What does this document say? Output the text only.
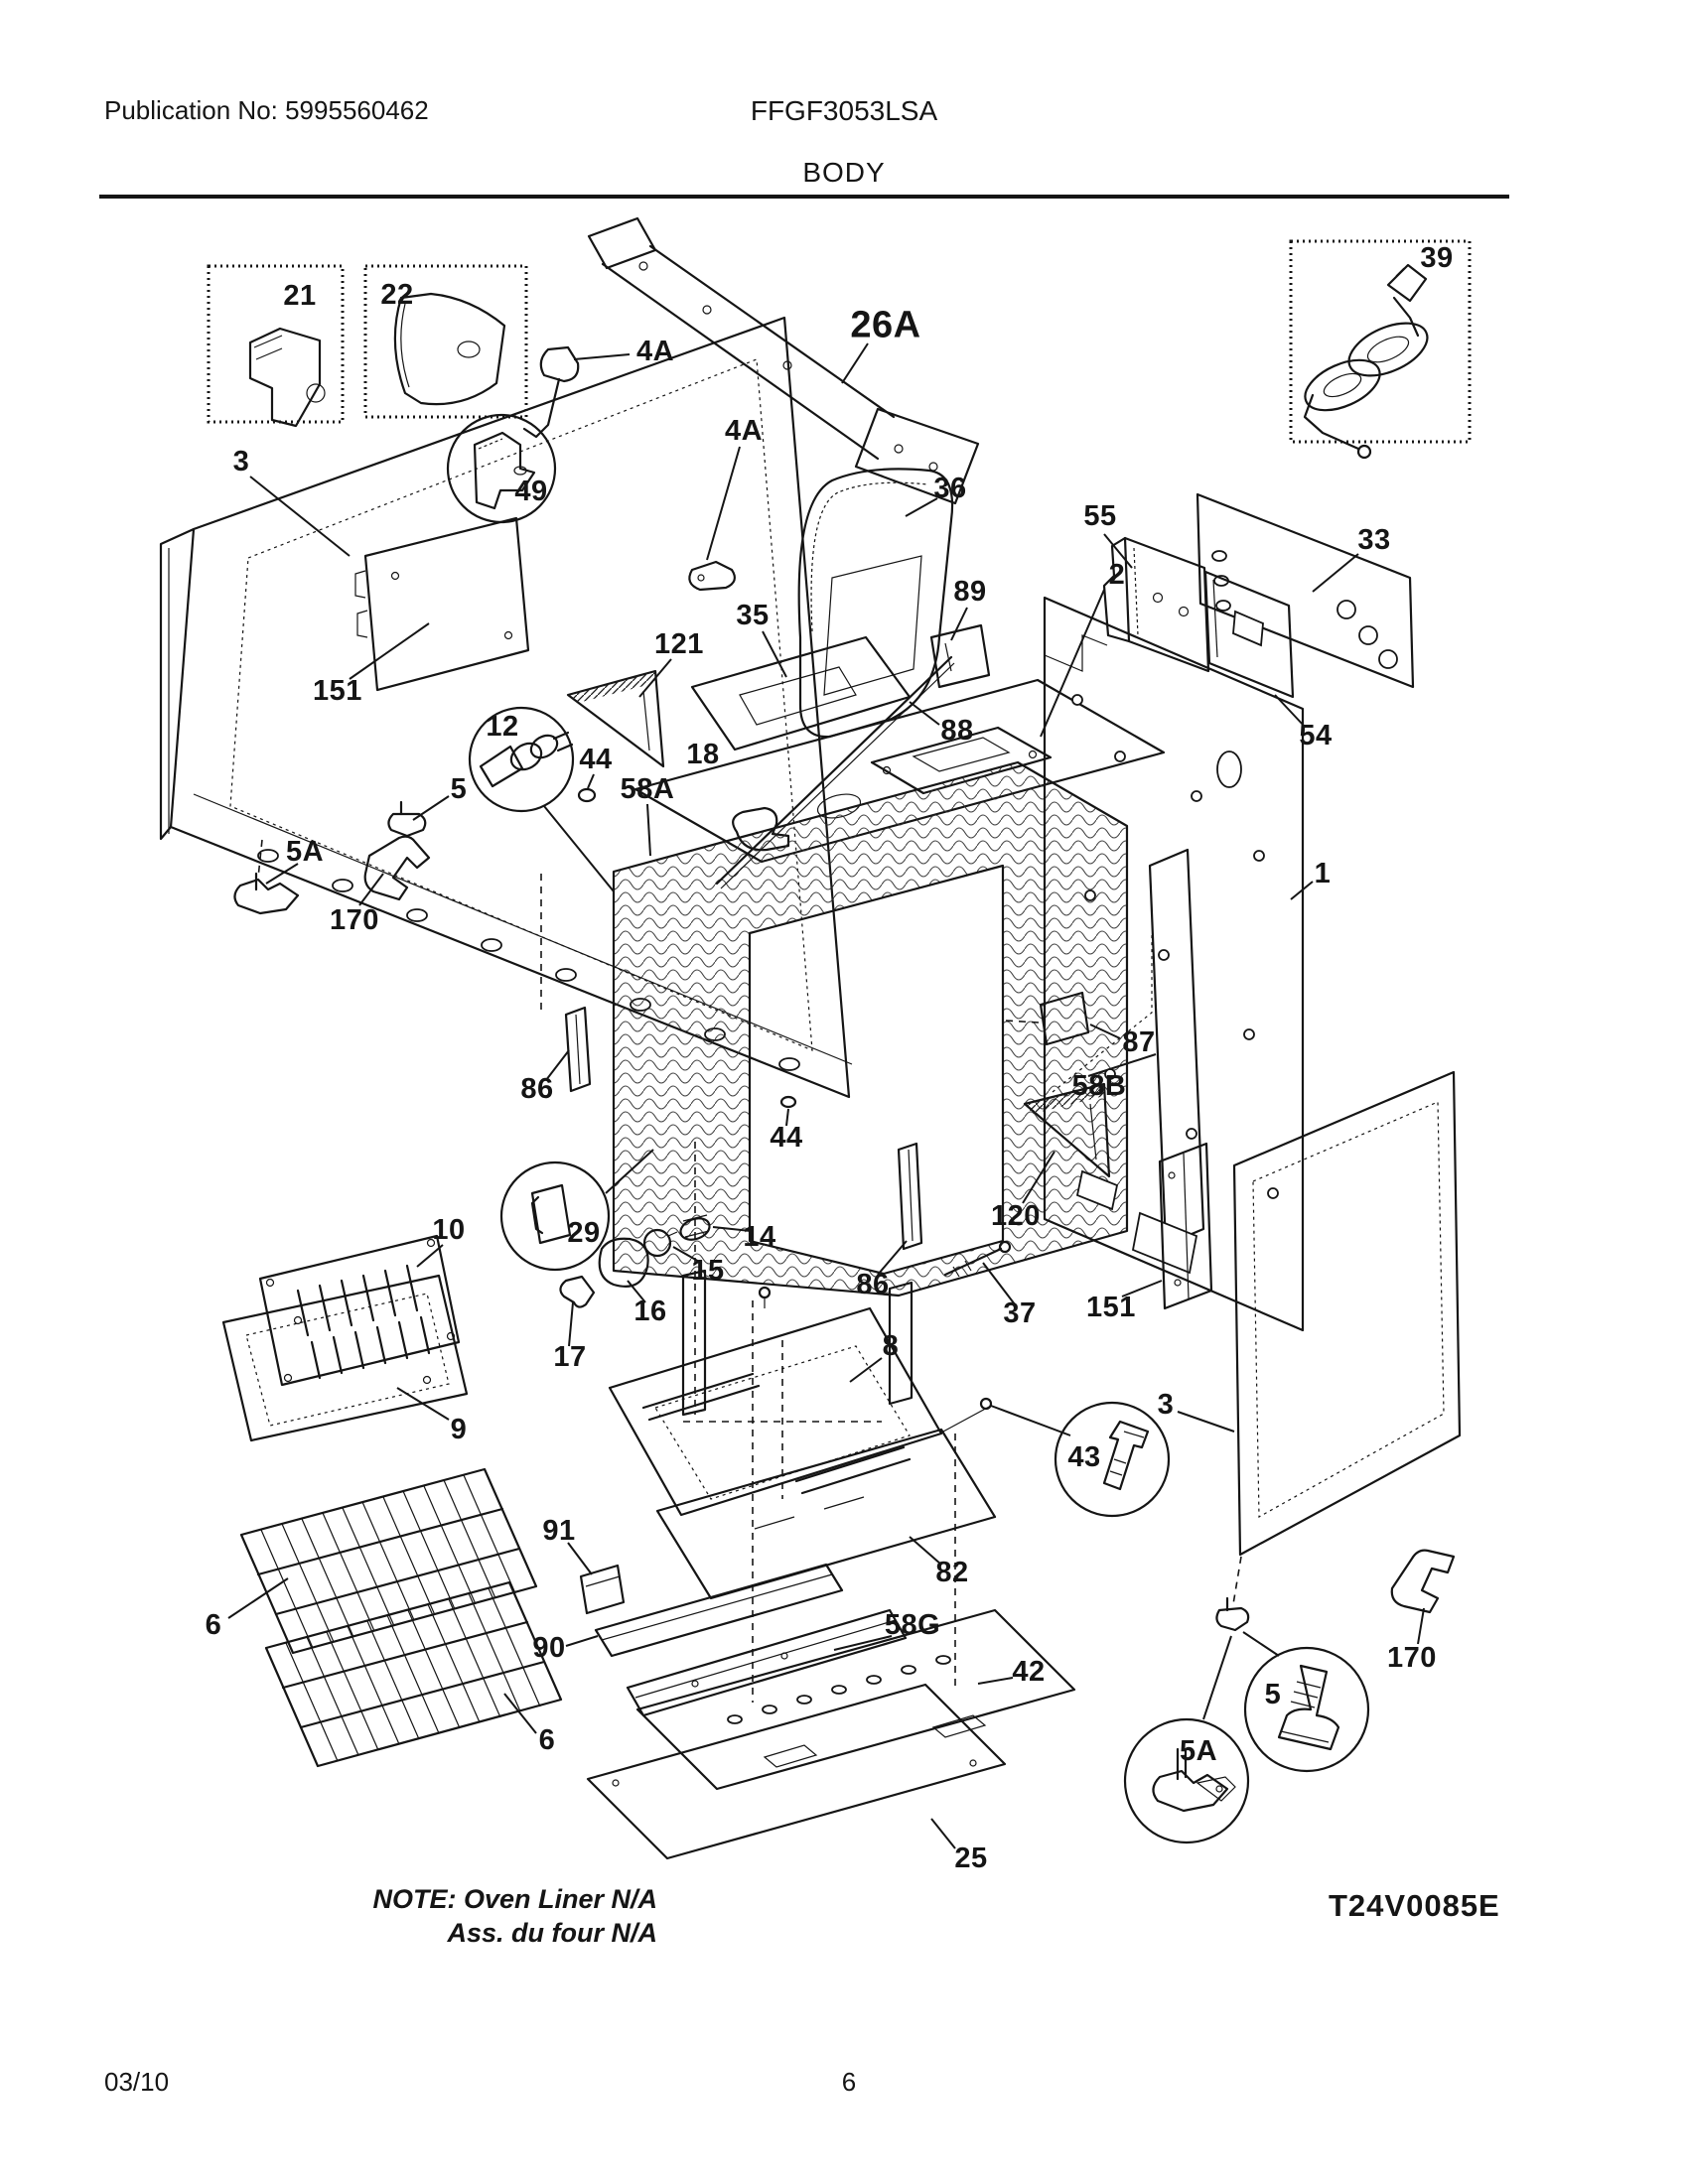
Publication No: 5995560462	FFGF3053LSA
BODY
21 22
4A
26A
39
3
49
4A
36
55
33
54
35
89
2
88
121
151
12
44
58A
18
5
5A
170
86
87
58B
120
44
86
29	14
15
16
17
10
9
37 151
3
8
43
1
91
90
58G
82
42
25
6
6
170
5
5A
NOTE: Oven Liner N/A
Ass. du four N/A
T24V0085E
03/10	6
